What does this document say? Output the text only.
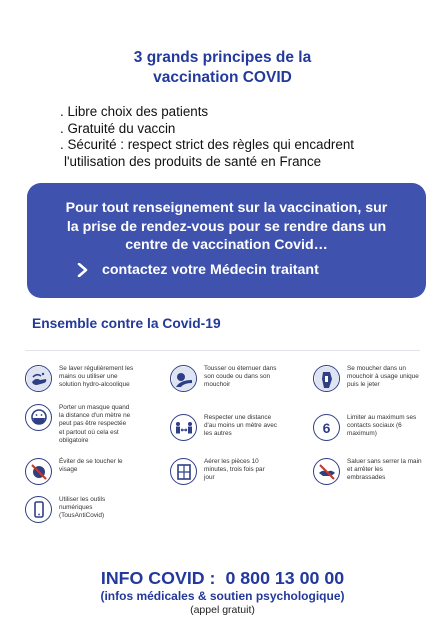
3 grands principes de la
vaccination COVID
. Libre choix des patients
. Gratuité du vaccin
. Sécurité : respect strict des règles qui encadrent
l'utilisation des produits de santé en France
Pour tout renseignement sur la vaccination, sur
la prise de rendez-vous pour se rendre dans un
centre de vaccination Covid…
contactez votre Médecin traitant
Ensemble contre la Covid-19
Se laver régulièrement les
mains ou utiliser une
solution hydro-alcoolique
Tousser ou éternuer dans
son coude ou dans son
mouchoir
Se moucher dans un
mouchoir à usage unique
puis le jeter
Porter un masque quand
la distance d'un mètre ne
peut pas être respectée
et partout où cela est
obligatoire
Respecter une distance
d'au moins un mètre avec
les autres	6
Limiter au maximum ses
contacts sociaux (6
maximum)
Éviter de se toucher le
visage
Aérer les pièces 10
minutes, trois fois par
jour
Saluer sans serrer la main
et arrêter les
embrassades
Utiliser les outils
numériques
(TousAntiCovid)
INFO COVID : 0 800 13 00 00
(infos médicales & soutien psychologique)
(appel gratuit)
